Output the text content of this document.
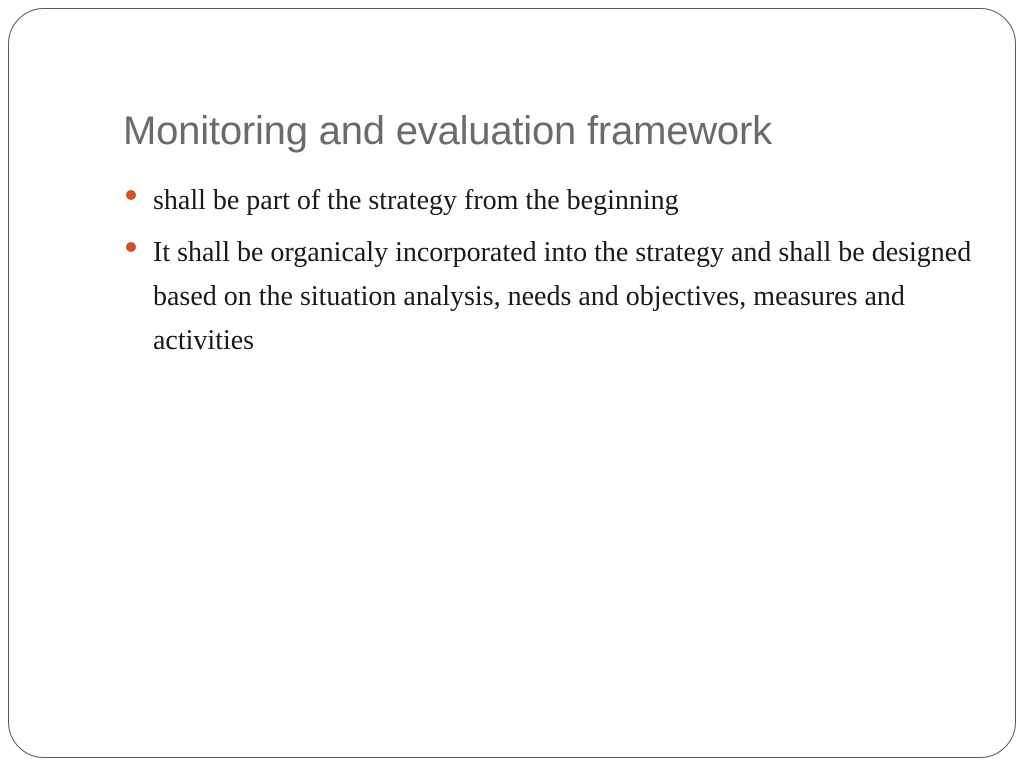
Monitoring and evaluation framework
shall be part of the strategy from the beginning
It shall be organicaly incorporated into the strategy and shall be designed based on the situation analysis, needs and objectives, measures and activities
